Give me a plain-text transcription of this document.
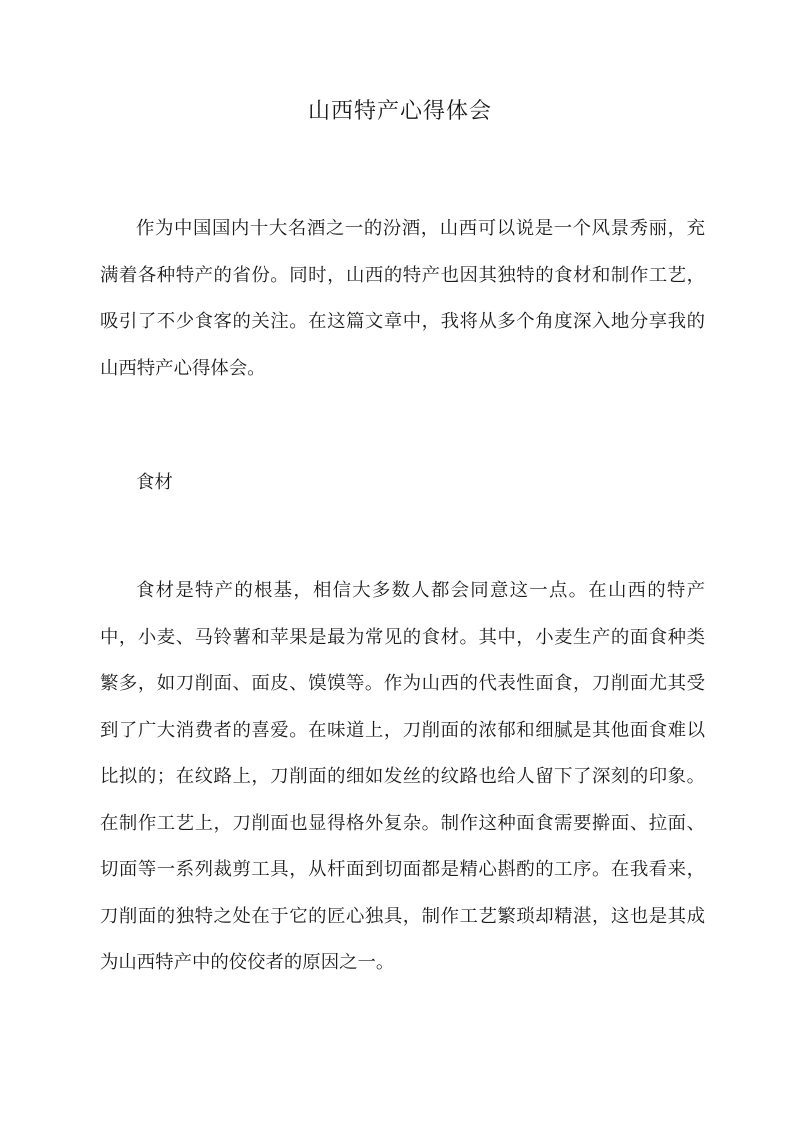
山西特产心得体会

作为中国国内十大名酒之一的汾酒，山西可以说是一个风景秀丽，充满着各种特产的省份。同时，山西的特产也因其独特的食材和制作工艺，吸引了不少食客的关注。在这篇文章中，我将从多个角度深入地分享我的山西特产心得体会。

食材

食材是特产的根基，相信大多数人都会同意这一点。在山西的特产中，小麦、马铃薯和苹果是最为常见的食材。其中，小麦生产的面食种类繁多，如刀削面、面皮、馍馍等。作为山西的代表性面食，刀削面尤其受到了广大消费者的喜爱。在味道上，刀削面的浓郁和细腻是其他面食难以比拟的；在纹路上，刀削面的细如发丝的纹路也给人留下了深刻的印象。在制作工艺上，刀削面也显得格外复杂。制作这种面食需要擀面、拉面、切面等一系列裁剪工具，从杆面到切面都是精心斟酌的工序。在我看来，刀削面的独特之处在于它的匠心独具，制作工艺繁琐却精湛，这也是其成为山西特产中的佼佼者的原因之一。
